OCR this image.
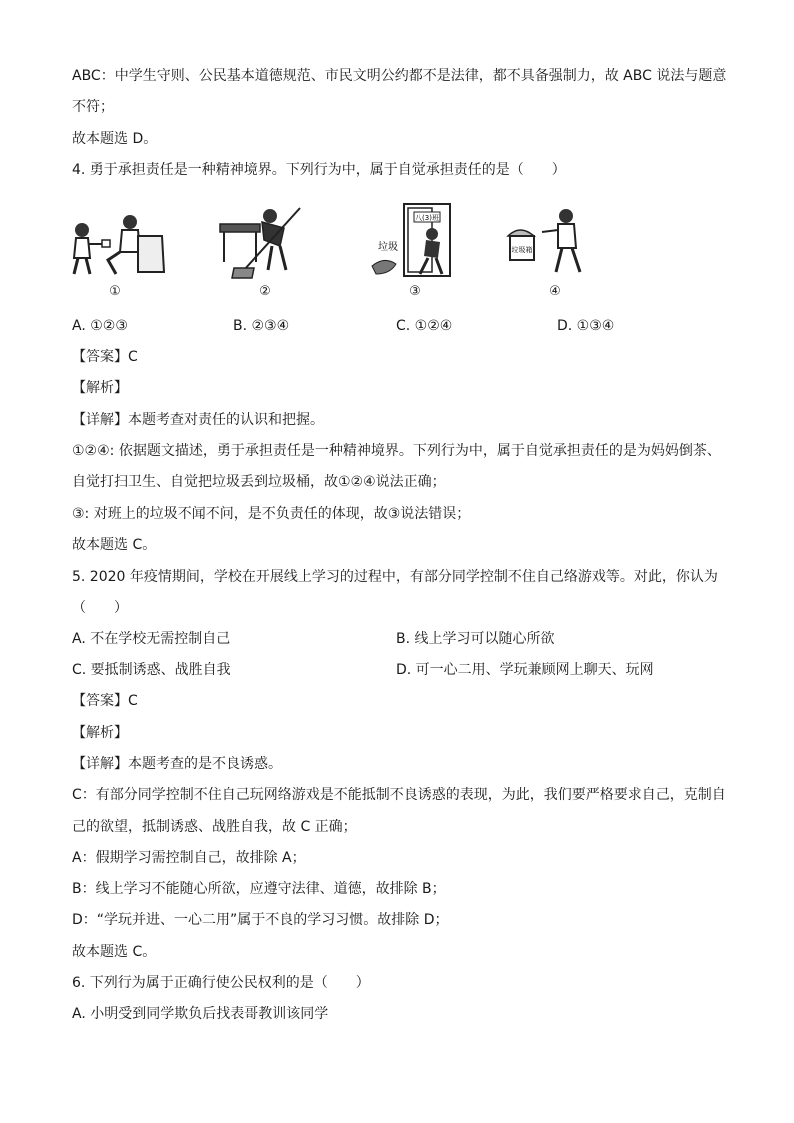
ABC：中学生守则、公民基本道德规范、市民文明公约都不是法律，都不具备强制力，故 ABC 说法与题意
不符；
故本题选 D。
4. 勇于承担责任是一种精神境界。下列行为中，属于自觉承担责任的是（　　）
①	②
八(3)班
垃圾
③
垃圾箱
④
A. ①②③	B. ②③④	C. ①②④	D. ①③④
【答案】C
【解析】
【详解】本题考查对责任的认识和把握。
①②④: 依据题文描述，勇于承担责任是一种精神境界。下列行为中，属于自觉承担责任的是为妈妈倒茶、
自觉打扫卫生、自觉把垃圾丢到垃圾桶，故①②④说法正确；
③: 对班上的垃圾不闻不问，是不负责任的体现，故③说法错误；
故本题选 C。
5. 2020 年疫情期间，学校在开展线上学习的过程中，有部分同学控制不住自己络游戏等。对此，你认为
（　　）
A. 不在学校无需控制自己	B. 线上学习可以随心所欲
C. 要抵制诱惑、战胜自我	D. 可一心二用、学玩兼顾网上聊天、玩网
【答案】C
【解析】
【详解】本题考查的是不良诱惑。
C：有部分同学控制不住自己玩网络游戏是不能抵制不良诱惑的表现，为此，我们要严格要求自己，克制自
己的欲望，抵制诱惑、战胜自我，故 C 正确；
A：假期学习需控制自己，故排除 A；
B：线上学习不能随心所欲，应遵守法律、道德，故排除 B；
D：“学玩并进、一心二用”属于不良的学习习惯。故排除 D；
故本题选 C。
6. 下列行为属于正确行使公民权利的是（　　）
A. 小明受到同学欺负后找表哥教训该同学
